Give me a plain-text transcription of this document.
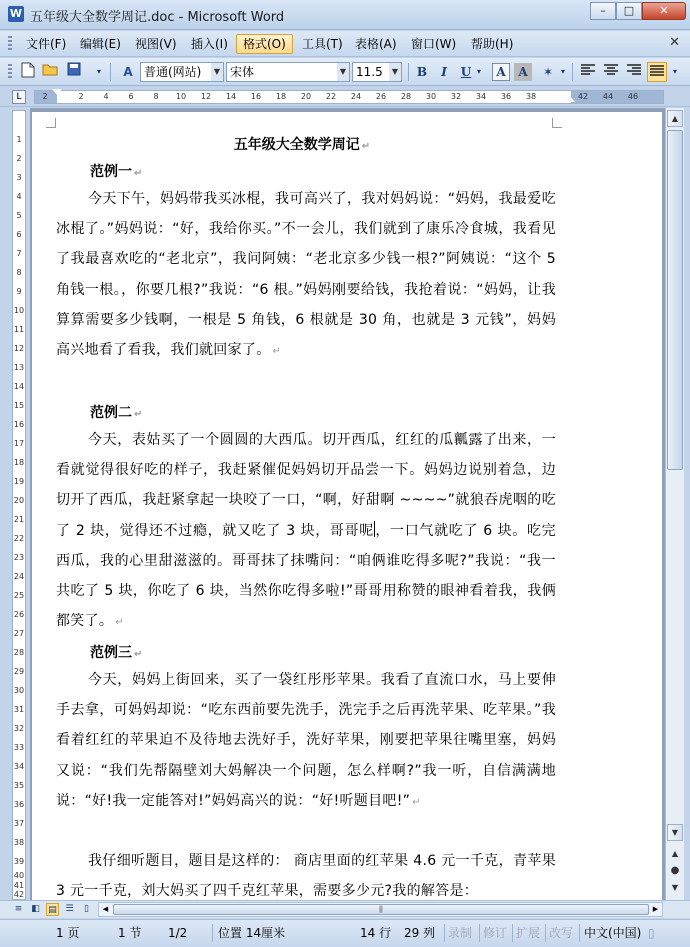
W 五年级大全数学周记.doc - Microsoft Word	–	□	✕
文件(F)	编辑(E)	视图(V)	插入(I)	格式(O)	工具(T)	表格(A)	窗口(W)	帮助(H)	✕
▾	A 普通(网站)	▼ 宋体	▼ 11.5	▼	B	I	U ▾	A	A	✶ ▾	▾
L	2	2	4	6	8	10 12 14 16 18 20 22 24 26 28 30 32 34 36 38	42 44 46
1
2
3
4
5
6
7
8
9
10
11
12
13
14
15
16
17
18
19
20
21
22
23
24
25
26
27
28
29
30
31
32
33
34
35
36
37
38
39
40
41
42
五年级大全数学周记 ↵
范例一 ↵
今天下午，妈妈带我买冰棍，我可高兴了，我对妈妈说：“妈妈，我最爱吃冰棍了。”妈妈说：“好，我给你买。”不一会儿，我们就到了康乐冷食城，我看见了我最喜欢吃的“老北京”，我问阿姨：“老北京多少钱一根?”阿姨说：“这个 5 角钱一根。，你要几根?”我说：“6 根。”妈妈刚要给钱，我抢着说：“妈妈，让我算算需要多少钱啊，一根是 5 角钱，6 根就是 30 角，也就是 3 元钱”，妈妈高兴地看了看我，我们就回家了。 ↵
范例二 ↵
今天，表姑买了一个圆圆的大西瓜。切开西瓜，红红的瓜瓤露了出来，一看就觉得很好吃的样子，我赶紧催促妈妈切开品尝一下。妈妈边说别着急，边切开了西瓜，我赶紧拿起一块咬了一口，“啊，好甜啊 ~~~~”就狼吞虎咽的吃了 2 块，觉得还不过瘾，就又吃了 3 块，哥哥呢，一口气就吃了 6 块。吃完西瓜，我的心里甜滋滋的。哥哥抹了抹嘴问：“咱俩谁吃得多呢?”我说：“我一共吃了 5 块，你吃了 6 块，当然你吃得多啦!”哥哥用称赞的眼神看着我，我俩都笑了。 ↵
范例三 ↵
今天，妈妈上街回来，买了一袋红彤彤苹果。我看了直流口水，马上要伸手去拿，可妈妈却说：“吃东西前要先洗手，洗完手之后再洗苹果、吃苹果。”我看着红红的苹果迫不及待地去洗好手，洗好苹果，刚要把苹果往嘴里塞，妈妈又说：“我们先帮隔壁刘大妈解决一个问题，怎么样啊?”我一听，自信满满地说：“好!我一定能答对!”妈妈高兴的说：“好!听题目吧!” ↵
我仔细听题目，题目是这样的： 商店里面的红苹果 4.6 元一千克，青苹果 3 元一千克，刘大妈买了四千克红苹果，需要多少元?我的解答是：
▲
▼
▲
●
▼
≡ ◧ ▤ ☰	▯	◀	⫼	▶
1 页	1 节 1/2	位置 14厘米	14 行 29 列 录制 修订 扩展 改写 中文(中国) ▯
